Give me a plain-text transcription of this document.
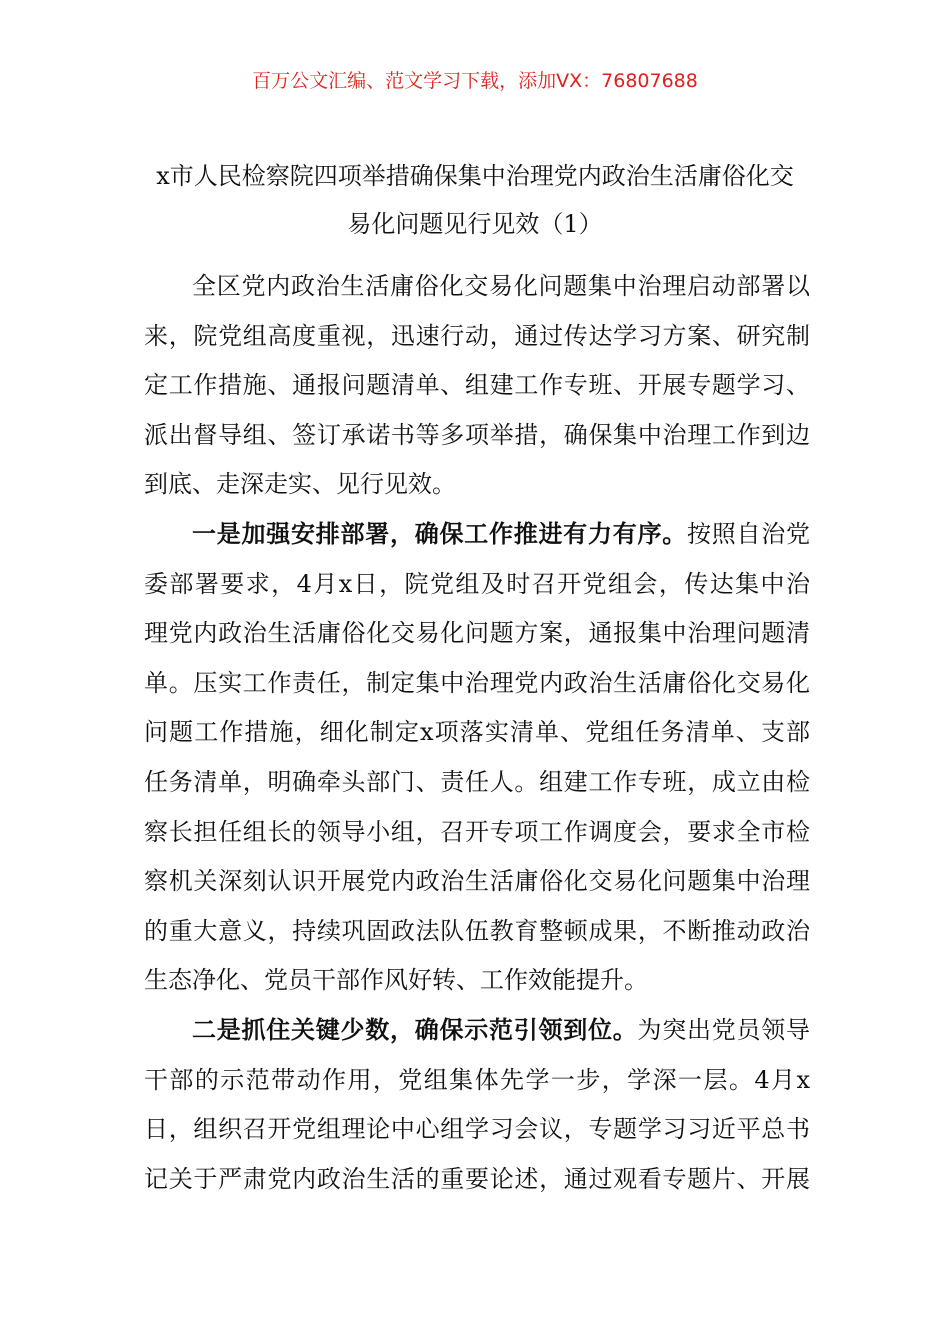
百万公文汇编、范文学习下载，添加VX：76807688
x市人民检察院四项举措确保集中治理党内政治生活庸俗化交
易化问题见行见效（1）

全区党内政治生活庸俗化交易化问题集中治理启动部署以
来，院党组高度重视，迅速行动，通过传达学习方案、研究制
定工作措施、通报问题清单、组建工作专班、开展专题学习、
派出督导组、签订承诺书等多项举措，确保集中治理工作到边
到底、走深走实、见行见效。

一是加强安排部署，确保工作推进有力有序。按照自治党
委部署要求，4月x日，院党组及时召开党组会，传达集中治
理党内政治生活庸俗化交易化问题方案，通报集中治理问题清
单。压实工作责任，制定集中治理党内政治生活庸俗化交易化
问题工作措施，细化制定x项落实清单、党组任务清单、支部
任务清单，明确牵头部门、责任人。组建工作专班，成立由检
察长担任组长的领导小组，召开专项工作调度会，要求全市检
察机关深刻认识开展党内政治生活庸俗化交易化问题集中治理
的重大意义，持续巩固政法队伍教育整顿成果，不断推动政治
生态净化、党员干部作风好转、工作效能提升。

二是抓住关键少数，确保示范引领到位。为突出党员领导
干部的示范带动作用，党组集体先学一步，学深一层。4月x
日，组织召开党组理论中心组学习会议，专题学习习近平总书
记关于严肃党内政治生活的重要论述，通过观看专题片、开展
